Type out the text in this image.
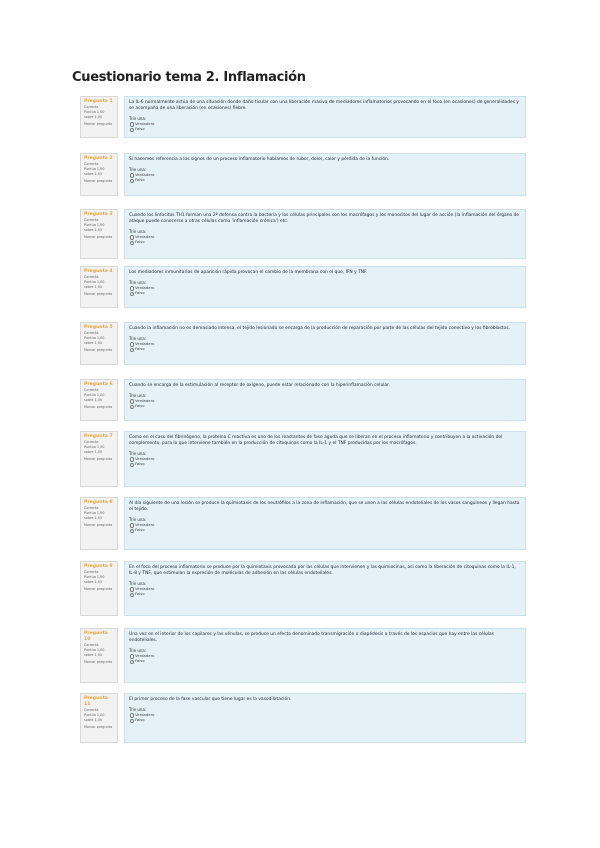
Cuestionario tema 2. Inflamación
Pregunta 1
Correcta
Puntúa 1,00 sobre 1,00
Marcar pregunta
La IL-6 normalmente actúa de una situación donde daño tisular con una liberación masiva de mediadores inflamatorios provocando en el foco (en ocasiones) de generalidades y se acompaña de una liberación (en ocasiones) fiebre.
Trie una:
Verdadero
Falso
Pregunta 2
Correcta
Puntúa 1,00 sobre 1,00
Marcar pregunta
Si hacemos referencia a los signos de un proceso inflamatorio hablamos de rubor, dolor, calor y pérdida de la función.
Trie una:
Verdadero
Falso
Pregunta 3
Correcta
Puntúa 1,00 sobre 1,00
Marcar pregunta
Cuando los linfocitos TH1 forman una 2ª defensa contra la bacteria y los células principales son los macrófagos y los monocitos del lugar de acción (la inflamación del órgano de ataque puede conocerse a otras células como 'inflamación crónica') etc.
Trie una:
Verdadero
Falso
Pregunta 4
Correcta
Puntúa 1,00 sobre 1,00
Marcar pregunta
Los mediadores inmunitarios de aparición rápida provocan el cambio de la membrana con el que, IFN y TNF.
Trie una:
Verdadero
Falso
Pregunta 5
Correcta
Puntúa 1,00 sobre 1,00
Marcar pregunta
Cuando la inflamación no es demasiado intensa, el tejido lesionado se encarga de la producción de reparación por parte de las células del tejido conectivo y los fibroblastos.
Trie una:
Verdadero
Falso
Pregunta 6
Correcta
Puntúa 1,00 sobre 1,00
Marcar pregunta
Cuando se encarga de la estimulación al receptor de oxígeno, puede estar relacionado con la hiperinflamación celular.
Trie una:
Verdadero
Falso
Pregunta 7
Correcta
Puntúa 1,00 sobre 1,00
Marcar pregunta
Como en el caso del fibrinógeno, la proteína C reactiva es uno de los reactantes de fase aguda que se liberan en el proceso inflamatorio y contribuyen a la activación del complemento, para lo que interviene también en la producción de citoquinas como la IL-1 y el TNF producidas por los macrófagos.
Trie una:
Verdadero
Falso
Pregunta 8
Correcta
Puntúa 1,00 sobre 1,00
Marcar pregunta
Al día siguiente de una lesión se produce la quimiotaxis de los neutrófilos a la zona de inflamación, que se unen a las células endoteliales de los vasos sanguíneos y llegan hasta el tejido.
Trie una:
Verdadero
Falso
Pregunta 9
Correcta
Puntúa 1,00 sobre 1,00
Marcar pregunta
En el foco del proceso inflamatorio se produce por la quimiotaxis provocada por las células que intervienen y las quimiocinas, así como la liberación de citoquinas como la IL-1, IL-8 y TNF, que estimulan la expresión de moléculas de adhesión en las células endoteliales.
Trie una:
Verdadero
Falso
Pregunta 10
Correcta
Puntúa 1,00 sobre 1,00
Marcar pregunta
Una vez en el interior de los capilares y las vénulas, se produce un efecto denominado transmigración o diapédesis a través de los espacios que hay entre las células endoteliales.
Trie una:
Verdadero
Falso
Pregunta 11
Correcta
Puntúa 1,00 sobre 1,00
Marcar pregunta
El primer proceso de la fase vascular que tiene lugar es la vasodilatación.
Trie una:
Verdadero
Falso
